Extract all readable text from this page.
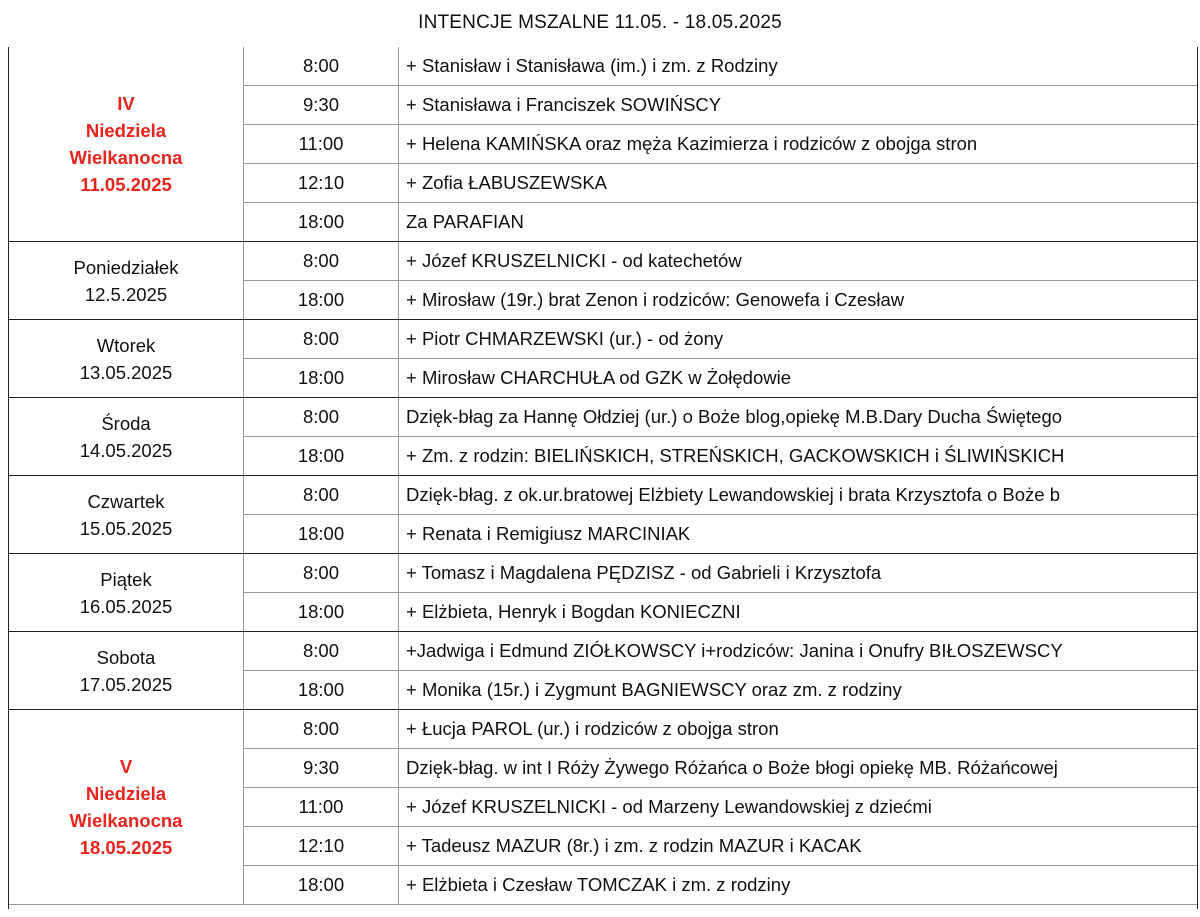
INTENCJE MSZALNE 11.05. - 18.05.2025
IV
Niedziela
Wielkanocna
11.05.2025
8:00	+ Stanisław i Stanisława (im.) i zm. z Rodziny
9:30	+ Stanisława i Franciszek SOWIŃSCY
11:00	+ Helena KAMIŃSKA oraz męża Kazimierza i rodziców z obojga stron
12:10	+ Zofia ŁABUSZEWSKA
18:00	Za PARAFIAN
Poniedziałek
12.5.2025
8:00	+ Józef KRUSZELNICKI - od katechetów
18:00	+ Mirosław (19r.) brat Zenon i rodziców: Genowefa i Czesław
Wtorek
13.05.2025
8:00	+ Piotr CHMARZEWSKI (ur.) - od żony
18:00	+ Mirosław CHARCHUŁA od GZK w Żołędowie
Środa
14.05.2025
8:00	Dzięk-błag za Hannę Ołdziej (ur.) o Boże blog,opiekę M.B.Dary Ducha Świętego
18:00	+ Zm. z rodzin: BIELIŃSKICH, STREŃSKICH, GACKOWSKICH i ŚLIWIŃSKICH
Czwartek
15.05.2025
8:00	Dzięk-błag. z ok.ur.bratowej Elżbiety Lewandowskiej i brata Krzysztofa o Boże b
18:00	+ Renata i Remigiusz MARCINIAK
Piątek
16.05.2025
8:00	+ Tomasz i Magdalena PĘDZISZ - od Gabrieli i Krzysztofa
18:00	+ Elżbieta, Henryk i Bogdan KONIECZNI
Sobota
17.05.2025
8:00	+Jadwiga i Edmund ZIÓŁKOWSCY i+rodziców: Janina i Onufry BIŁOSZEWSCY
18:00	+ Monika (15r.) i Zygmunt BAGNIEWSCY oraz zm. z rodziny
V
Niedziela
Wielkanocna
18.05.2025
8:00	+ Łucja PAROL (ur.) i rodziców z obojga stron
9:30	Dzięk-błag. w int I Róży Żywego Różańca o Boże błogi opiekę MB. Różańcowej
11:00	+ Józef KRUSZELNICKI - od Marzeny Lewandowskiej z dziećmi
12:10	+ Tadeusz MAZUR (8r.) i zm. z rodzin MAZUR i KACAK
18:00	+ Elżbieta i Czesław TOMCZAK i zm. z rodziny
